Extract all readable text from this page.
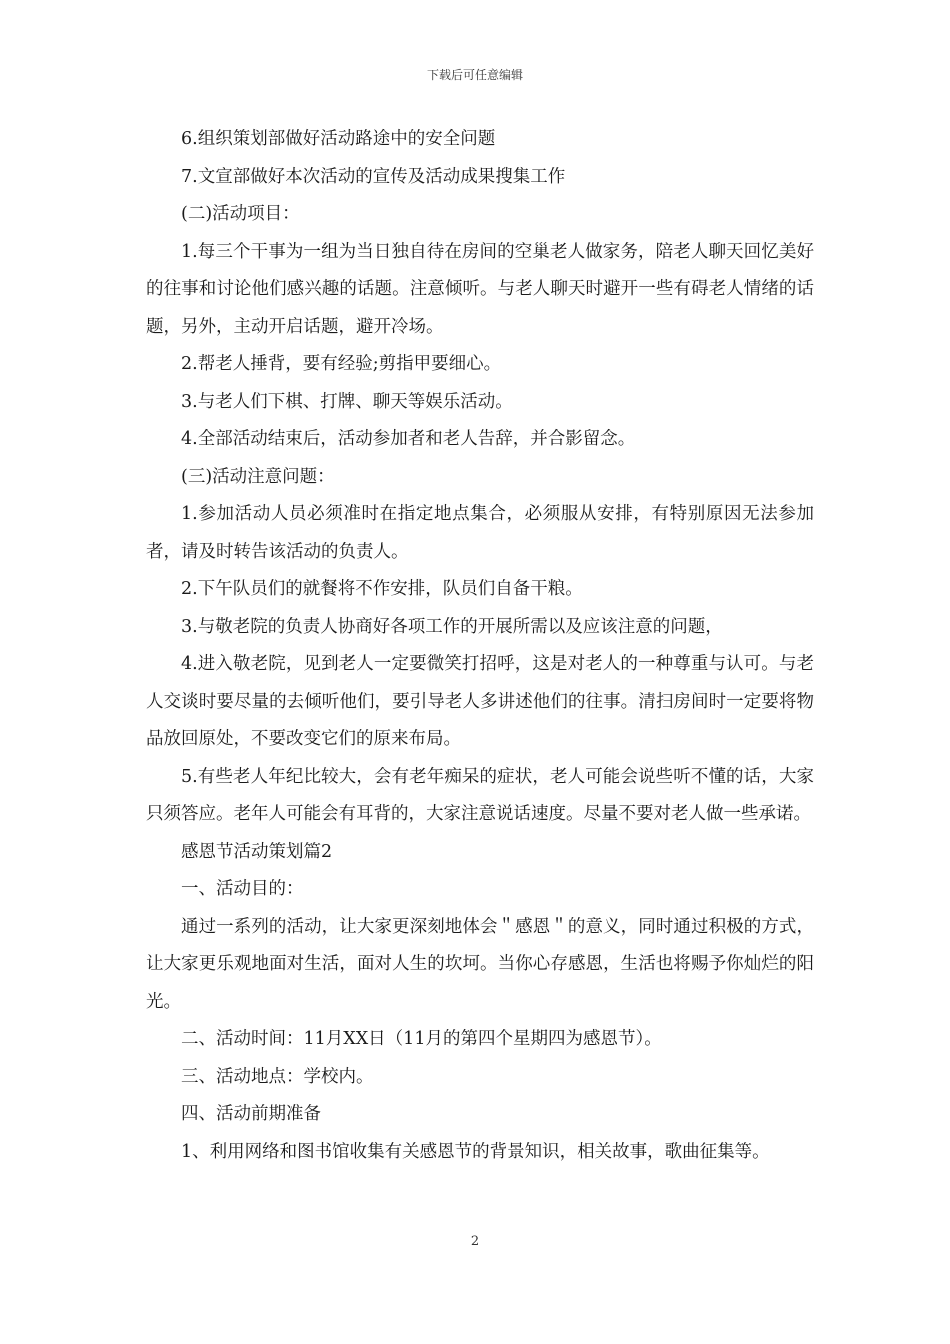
下载后可任意编辑

6.组织策划部做好活动路途中的安全问题

7.文宣部做好本次活动的宣传及活动成果搜集工作

(二)活动项目：

1.每三个干事为一组为当日独自待在房间的空巢老人做家务，陪老人聊天回忆美好的往事和讨论他们感兴趣的话题。注意倾听。与老人聊天时避开一些有碍老人情绪的话题，另外，主动开启话题，避开冷场。

2.帮老人捶背，要有经验;剪指甲要细心。

3.与老人们下棋、打牌、聊天等娱乐活动。

4.全部活动结束后，活动参加者和老人告辞，并合影留念。

(三)活动注意问题：

1.参加活动人员必须准时在指定地点集合，必须服从安排，有特别原因无法参加者，请及时转告该活动的负责人。

2.下午队员们的就餐将不作安排，队员们自备干粮。

3.与敬老院的负责人协商好各项工作的开展所需以及应该注意的问题，

4.进入敬老院，见到老人一定要微笑打招呼，这是对老人的一种尊重与认可。与老人交谈时要尽量的去倾听他们，要引导老人多讲述他们的往事。清扫房间时一定要将物品放回原处，不要改变它们的原来布局。

5.有些老人年纪比较大，会有老年痴呆的症状，老人可能会说些听不懂的话，大家只须答应。老年人可能会有耳背的，大家注意说话速度。尽量不要对老人做一些承诺。

感恩节活动策划篇2

一、活动目的：

通过一系列的活动，让大家更深刻地体会＂感恩＂的意义，同时通过积极的方式，让大家更乐观地面对生活，面对人生的坎坷。当你心存感恩，生活也将赐予你灿烂的阳光。

二、活动时间：11月XX日（11月的第四个星期四为感恩节）。

三、活动地点：学校内。

四、活动前期准备

1、利用网络和图书馆收集有关感恩节的背景知识，相关故事，歌曲征集等。

2
